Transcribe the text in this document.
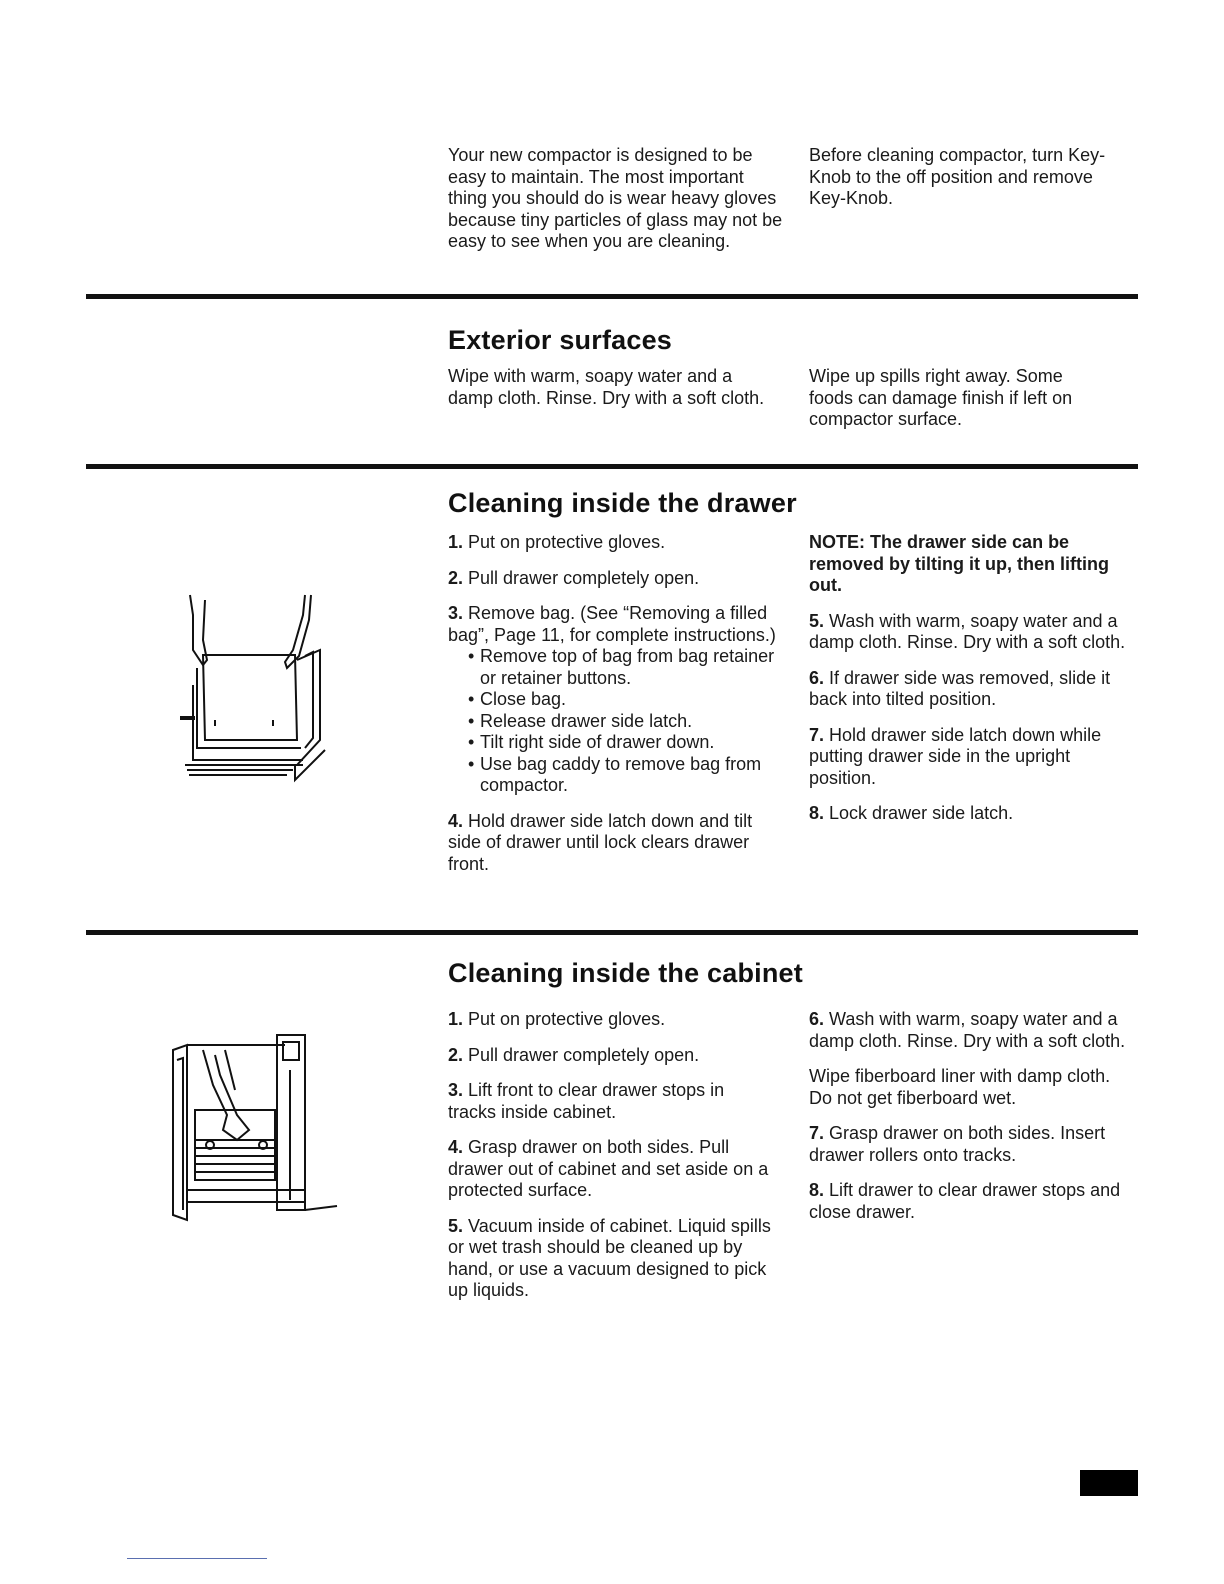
Your new compactor is designed to be easy to maintain. The most important thing you should do is wear heavy gloves because tiny particles of glass may not be easy to see when you are cleaning.
Before cleaning compactor, turn Key-Knob to the off position and remove Key-Knob.
Exterior surfaces
Wipe with warm, soapy water and a damp cloth. Rinse. Dry with a soft cloth.
Wipe up spills right away. Some foods can damage finish if left on compactor surface.
Cleaning inside the drawer

1. Put on protective gloves.

2. Pull drawer completely open.

3. Remove bag. (See “Removing a filled bag”, Page 11, for complete instructions.)

• Remove top of bag from bag retainer or retainer buttons.
• Close bag.
• Release drawer side latch.
• Tilt right side of drawer down.
• Use bag caddy to remove bag from compactor.

4. Hold drawer side latch down and tilt side of drawer until lock clears drawer front.

NOTE: The drawer side can be removed by tilting it up, then lifting out.

5. Wash with warm, soapy water and a damp cloth. Rinse. Dry with a soft cloth.

6. If drawer side was removed, slide it back into tilted position.

7. Hold drawer side latch down while putting drawer side in the upright position.

8. Lock drawer side latch.

Cleaning inside the cabinet

1. Put on protective gloves.

2. Pull drawer completely open.

3. Lift front to clear drawer stops in tracks inside cabinet.

4. Grasp drawer on both sides. Pull drawer out of cabinet and set aside on a protected surface.

5. Vacuum inside of cabinet. Liquid spills or wet trash should be cleaned up by hand, or use a vacuum designed to pick up liquids.

6. Wash with warm, soapy water and a damp cloth. Rinse. Dry with a soft cloth.

Wipe fiberboard liner with damp cloth. Do not get fiberboard wet.

7. Grasp drawer on both sides. Insert drawer rollers onto tracks.

8. Lift drawer to clear drawer stops and close drawer.
